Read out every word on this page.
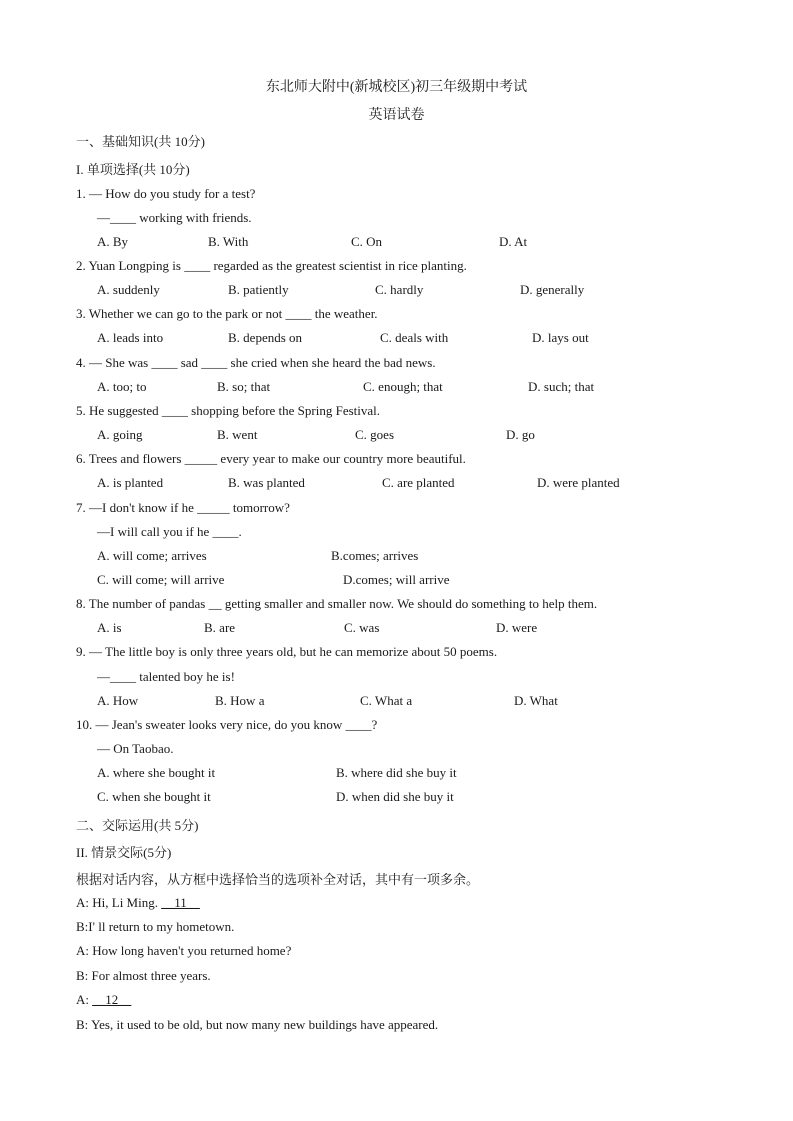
东北师大附中(新城校区)初三年级期中考试
英语试卷
一、基础知识(共 10分)
I. 单项选择(共 10分)
1. — How do you study for a test?
—____ working with friends.
A. By	B. With	C. On	D. At
2. Yuan Longping is ____ regarded as the greatest scientist in rice planting.
A. suddenly	B. patiently	C. hardly	D. generally
3. Whether we can go to the park or not ____ the weather.
A. leads into	B. depends on	C. deals with	D. lays out
4. — She was ____ sad ____ she cried when she heard the bad news.
A. too; to	B. so; that	C. enough; that	D. such; that
5. He suggested ____ shopping before the Spring Festival.
A. going	B. went	C. goes	D. go
6. Trees and flowers _____ every year to make our country more beautiful.
A. is planted	B. was planted	C. are planted	D. were planted
7. —I don't know if he _____ tomorrow?
—I will call you if he ____.
A. will come; arrives	B.comes; arrives
C. will come; will arrive	D.comes; will arrive
8. The number of pandas __ getting smaller and smaller now. We should do something to help them.
A. is	B. are	C. was	D. were
9. — The little boy is only three years old, but he can memorize about 50 poems.
—____ talented boy he is!
A. How	B. How a	C. What a	D. What
10. — Jean's sweater looks very nice, do you know ____?
— On Taobao.
A. where she bought it	B. where did she buy it
C. when she bought it	D. when did she buy it
二、交际运用(共 5分)
II. 情景交际(5分)
根据对话内容，从方框中选择恰当的选项补全对话，其中有一项多余。
A: Hi, Li Ming. __11__
B:I' ll return to my hometown.
A: How long haven't you returned home?
B: For almost three years.
A: __12__
B: Yes, it used to be old, but now many new buildings have appeared.
